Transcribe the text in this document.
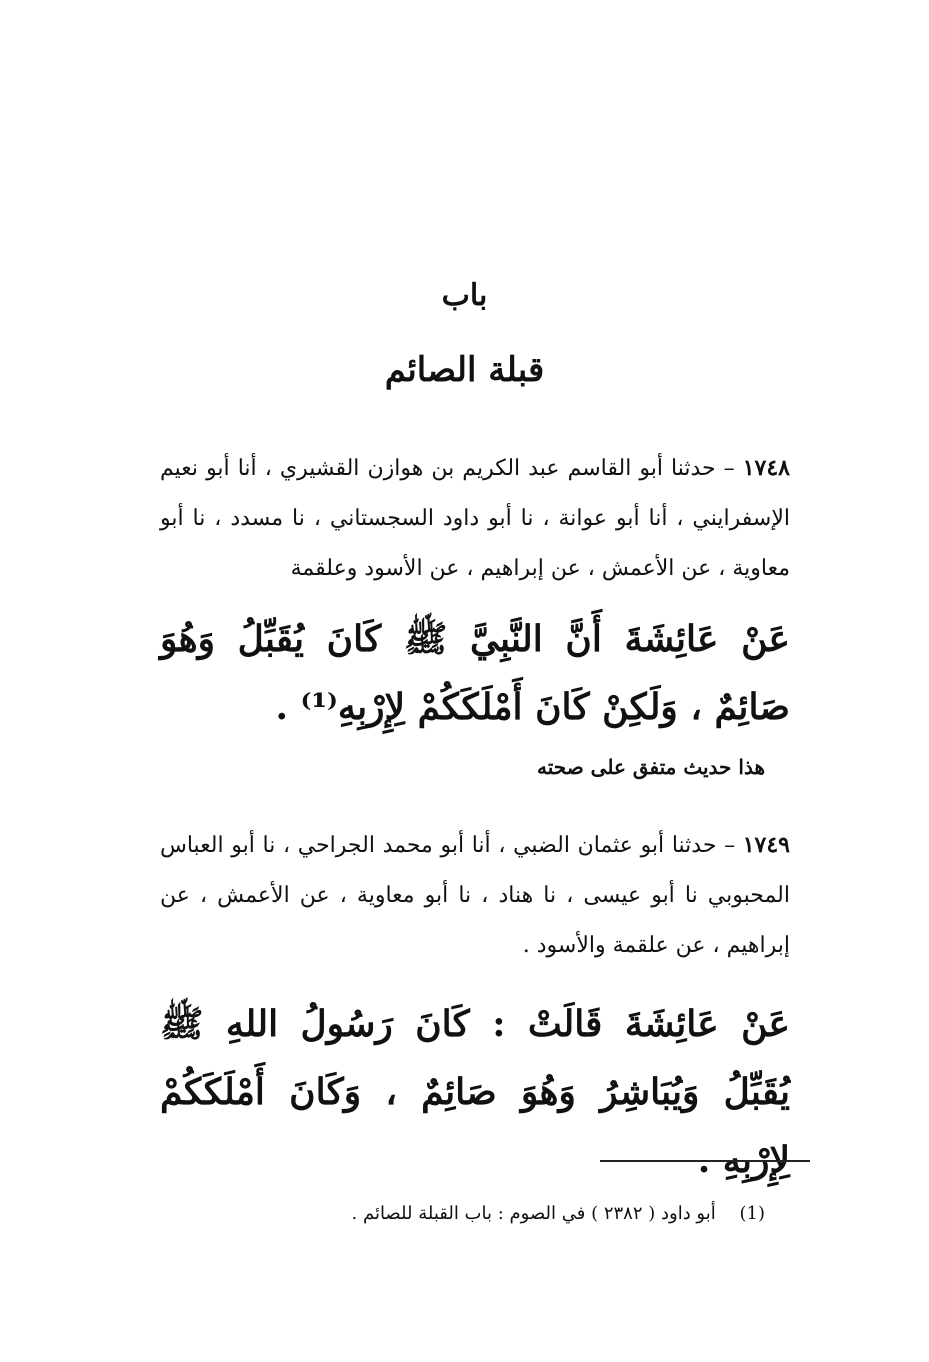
باب
قبلة الصائم
١٧٤٨ – حدثنا أبو القاسم عبد الكريم بن هوازن القشيري ، أنا أبو نعيم الإسفرايني ، أنا أبو عوانة ، نا أبو داود السجستاني ، نا مسدد ، نا أبو معاوية ، عن الأعمش ، عن إبراهيم ، عن الأسود وعلقمة
عَنْ عَائِشَةَ أَنَّ النَّبِيَّ ﷺ كَانَ يُقَبِّلُ وَهُوَ صَائِمٌ ، وَلَكِنْ كَانَ أَمْلَكَكُمْ لِإِرْبِهِ⁽¹⁾ .
هذا حديث متفق على صحته
١٧٤٩ – حدثنا أبو عثمان الضبي ، أنا أبو محمد الجراحي ، نا أبو العباس المحبوبي نا أبو عيسى ، نا هناد ، نا أبو معاوية ، عن الأعمش ، عن إبراهيم ، عن علقمة والأسود .
عَنْ عَائِشَةَ قَالَتْ : كَانَ رَسُولُ اللهِ ﷺ يُقَبِّلُ وَيُبَاشِرُ وَهُوَ صَائِمٌ ، وَكَانَ أَمْلَكَكُمْ لِإِرْبِهِ .
(1) أبو داود ( ٢٣٨٢ ) في الصوم : باب القبلة للصائم .
